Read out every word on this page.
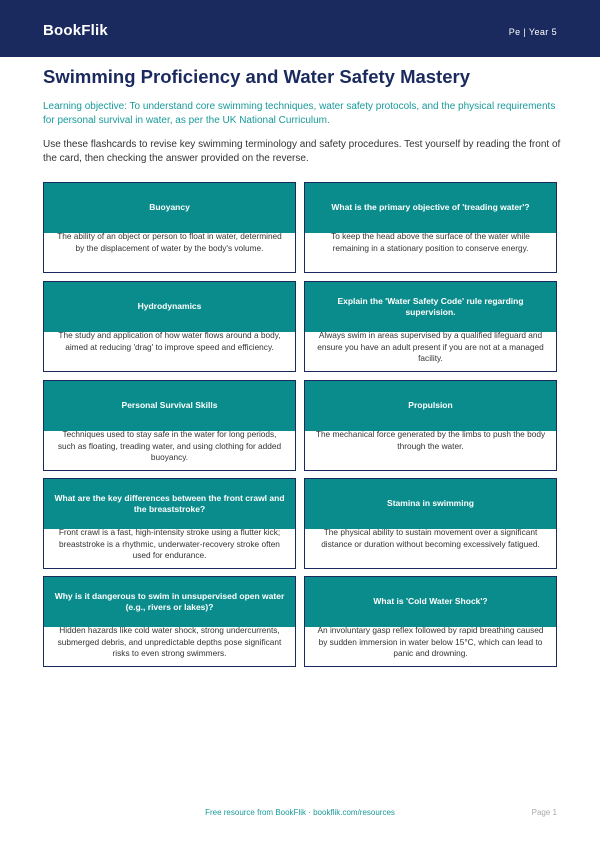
BookFlik	Pe | Year 5
Swimming Proficiency and Water Safety Mastery

Learning objective: To understand core swimming techniques, water safety protocols, and the physical requirements for personal survival in water, as per the UK National Curriculum.

Use these flashcards to revise key swimming terminology and safety procedures. Test yourself by reading the front of the card, then checking the answer provided on the reverse.

Buoyancy
The ability of an object or person to float in water, determined by the displacement of water by the body's volume.
What is the primary objective of 'treading water'?
To keep the head above the surface of the water while remaining in a stationary position to conserve energy.
Hydrodynamics
The study and application of how water flows around a body, aimed at reducing 'drag' to improve speed and efficiency.
Explain the 'Water Safety Code' rule regarding supervision.
Always swim in areas supervised by a qualified lifeguard and ensure you have an adult present if you are not at a managed facility.
Personal Survival Skills
Techniques used to stay safe in the water for long periods, such as floating, treading water, and using clothing for added buoyancy.
Propulsion
The mechanical force generated by the limbs to push the body through the water.
What are the key differences between the front crawl and the breaststroke?
Front crawl is a fast, high-intensity stroke using a flutter kick; breaststroke is a rhythmic, underwater-recovery stroke often used for endurance.
Stamina in swimming
The physical ability to sustain movement over a significant distance or duration without becoming excessively fatigued.
Why is it dangerous to swim in unsupervised open water (e.g., rivers or lakes)?
Hidden hazards like cold water shock, strong undercurrents, submerged debris, and unpredictable depths pose significant risks to even strong swimmers.
What is 'Cold Water Shock'?
An involuntary gasp reflex followed by rapid breathing caused by sudden immersion in water below 15°C, which can lead to panic and drowning.
Free resource from BookFlik · bookflik.com/resources	Page 1
